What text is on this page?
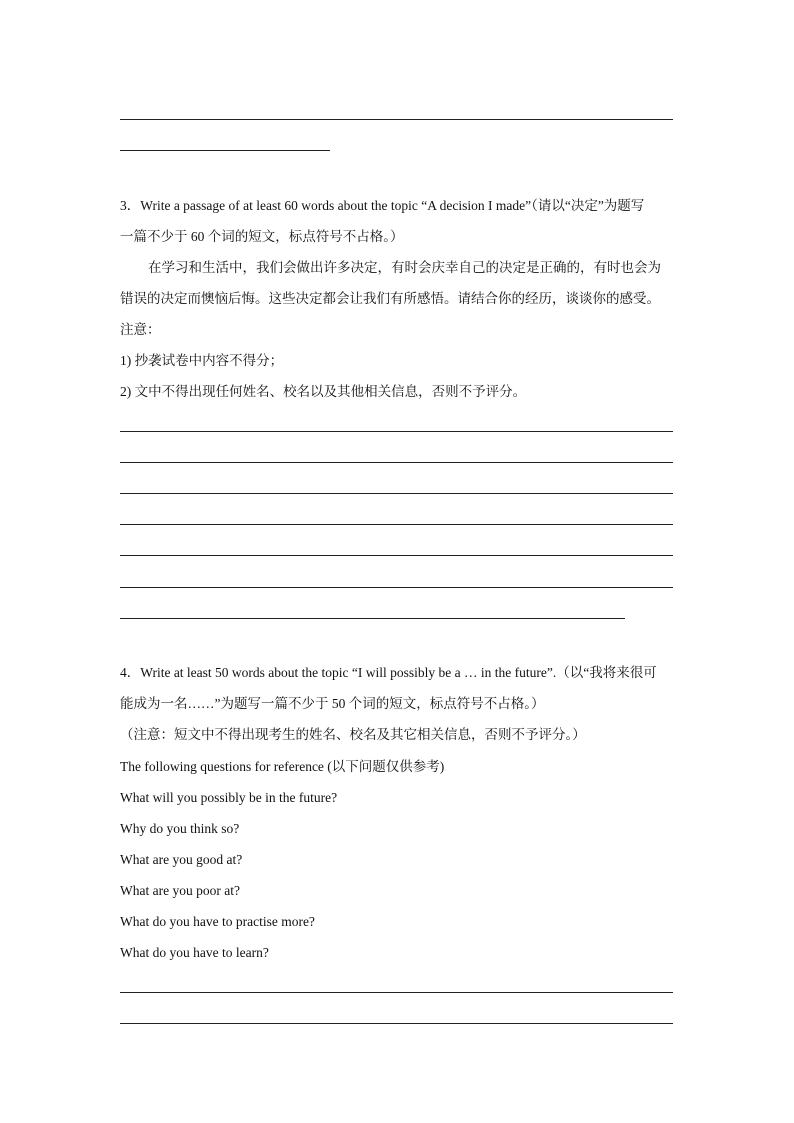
3．Write a passage of at least 60 words about the topic “A decision I made”（请以“决定”为题写
一篇不少于 60 个词的短文，标点符号不占格。）
在学习和生活中，我们会做出许多决定，有时会庆幸自己的决定是正确的，有时也会为
错误的决定而懊恼后悔。这些决定都会让我们有所感悟。请结合你的经历，谈谈你的感受。
注意：
1) 抄袭试卷中内容不得分；
2) 文中不得出现任何姓名、校名以及其他相关信息，否则不予评分。
4．Write at least 50 words about the topic “I will possibly be a … in the future”.（以“我将来很可
能成为一名……”为题写一篇不少于 50 个词的短文，标点符号不占格。）
（注意：短文中不得出现考生的姓名、校名及其它相关信息，否则不予评分。）
The following questions for reference (以下问题仅供参考)
What will you possibly be in the future?
Why do you think so?
What are you good at?
What are you poor at?
What do you have to practise more?
What do you have to learn?
